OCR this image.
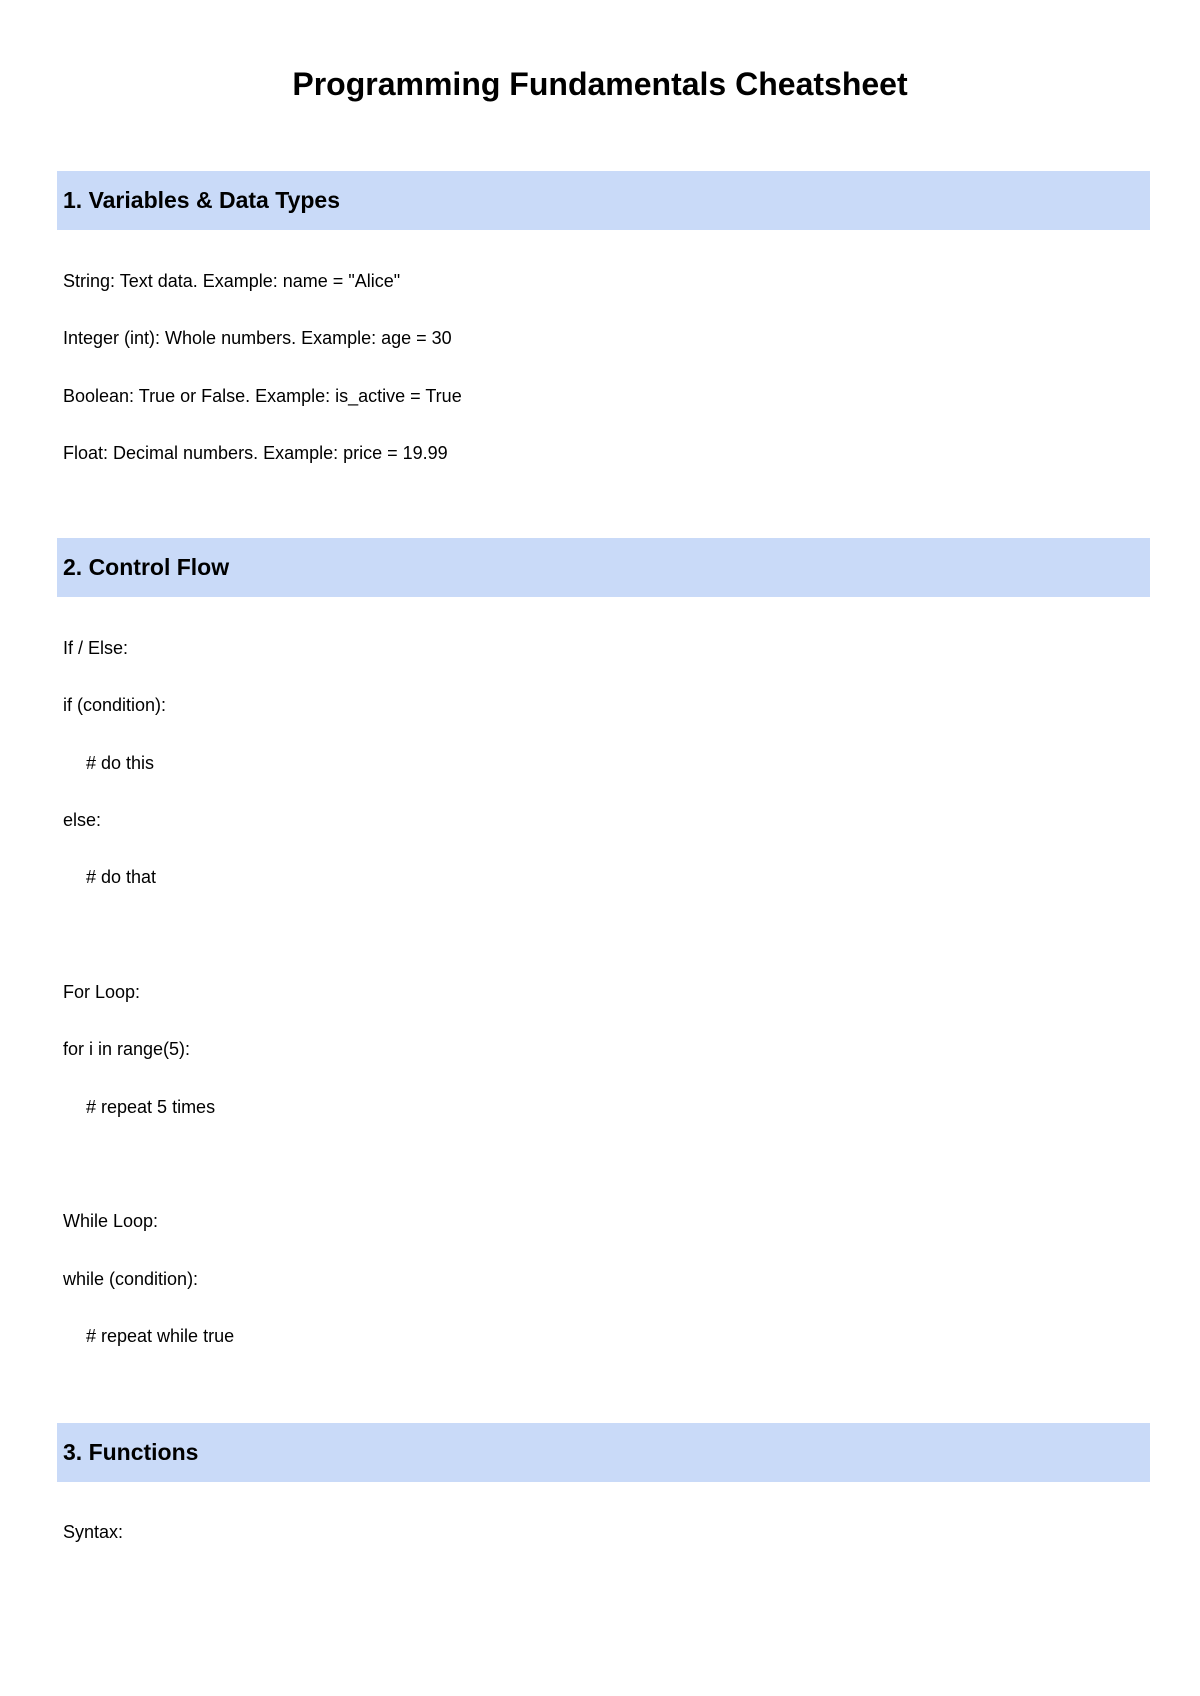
Programming Fundamentals Cheatsheet
1. Variables & Data Types
String: Text data. Example: name = "Alice"
Integer (int): Whole numbers. Example: age = 30
Boolean: True or False. Example: is_active = True
Float: Decimal numbers. Example: price = 19.99
2. Control Flow
If / Else:
if (condition):
# do this
else:
# do that
For Loop:
for i in range(5):
# repeat 5 times
While Loop:
while (condition):
# repeat while true
3. Functions
Syntax:
